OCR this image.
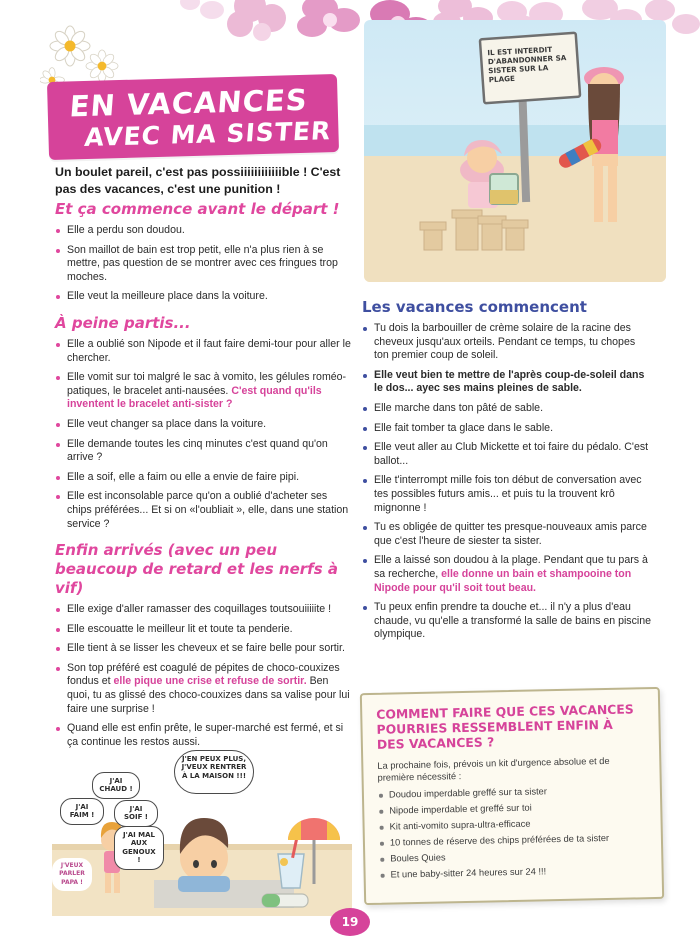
EN VACANCES
AVEC MA SISTER
IL EST INTERDIT D'ABANDONNER SA SISTER SUR LA PLAGE
Un boulet pareil, c'est pas possiiiiiiiiiiiible ! C'est pas des vacances, c'est une punition !
Et ça commence avant le départ !
Elle a perdu son doudou.
Son maillot de bain est trop petit, elle n'a plus rien à se mettre, pas question de se montrer avec ces fringues trop moches.
Elle veut la meilleure place dans la voiture.
À peine partis...
Elle a oublié son Nipode et il faut faire demi-tour pour aller le chercher.
Elle vomit sur toi malgré le sac à vomito, les gélules roméo-patiques, le bracelet anti-nausées. C'est quand qu'ils inventent le bracelet anti-sister ?
Elle veut changer sa place dans la voiture.
Elle demande toutes les cinq minutes c'est quand qu'on arrive ?
Elle a soif, elle a faim ou elle a envie de faire pipi.
Elle est inconsolable parce qu'on a oublié d'acheter ses chips préférées... Et si on «l'oubliait », elle, dans une station service ?
Enfin arrivés (avec un peu beaucoup de retard et les nerfs à vif)
Elle exige d'aller ramasser des coquillages toutsouiiiiite !
Elle escouatte le meilleur lit et toute ta penderie.
Elle tient à se lisser les cheveux et se faire belle pour sortir.
Son top préféré est coagulé de pépites de choco-couxizes fondus et elle pique une crise et refuse de sortir. Ben quoi, tu as glissé des choco-couxizes dans sa valise pour lui faire une surprise !
Quand elle est enfin prête, le super-marché est fermé, et si ça continue les restos aussi.
Les vacances commencent
Tu dois la barbouiller de crème solaire de la racine des cheveux jusqu'aux orteils. Pendant ce temps, tu chopes ton premier coup de soleil.
Elle veut bien te mettre de l'après coup-de-soleil dans le dos... ayec ses mains pleines de sable.
Elle marche dans ton pâté de sable.
Elle fait tomber ta glace dans le sable.
Elle veut aller au Club Mickette et toi faire du pédalo. C'est ballot...
Elle t'interrompt mille fois ton début de conversation avec tes possibles futurs amis... et puis tu la trouvent krô mignonne !
Tu es obligée de quitter tes presque-nouveaux amis parce que c'est l'heure de siester ta sister.
Elle a laissé son doudou à la plage. Pendant que tu pars à sa recherche, elle donne un bain et shampooine ton Nipode pour qu'il soit tout beau.
Tu peux enfin prendre ta douche et... il n'y a plus d'eau chaude, vu qu'elle a transformé la salle de bains en piscine olympique.
J'AI CHAUD !
J'AI FAIM !
J'AI SOIF !
J'AI MAL AUX GENOUX !
J'VEUX PARLER PAPA !
J'EN PEUX PLUS, J'VEUX RENTRER À LA MAISON !!!
COMMENT FAIRE QUE CES VACANCES POURRIES RESSEMBLENT ENFIN À DES VACANCES ?

La prochaine fois, prévois un kit d'urgence absolue et de première nécessité :

Doudou imperdable greffé sur ta sister
Nipode imperdable et greffé sur toi
Kit anti-vomito supra-ultra-efficace
10 tonnes de réserve des chips préférées de ta sister
Boules Quies
Et une baby-sitter 24 heures sur 24 !!!
19
